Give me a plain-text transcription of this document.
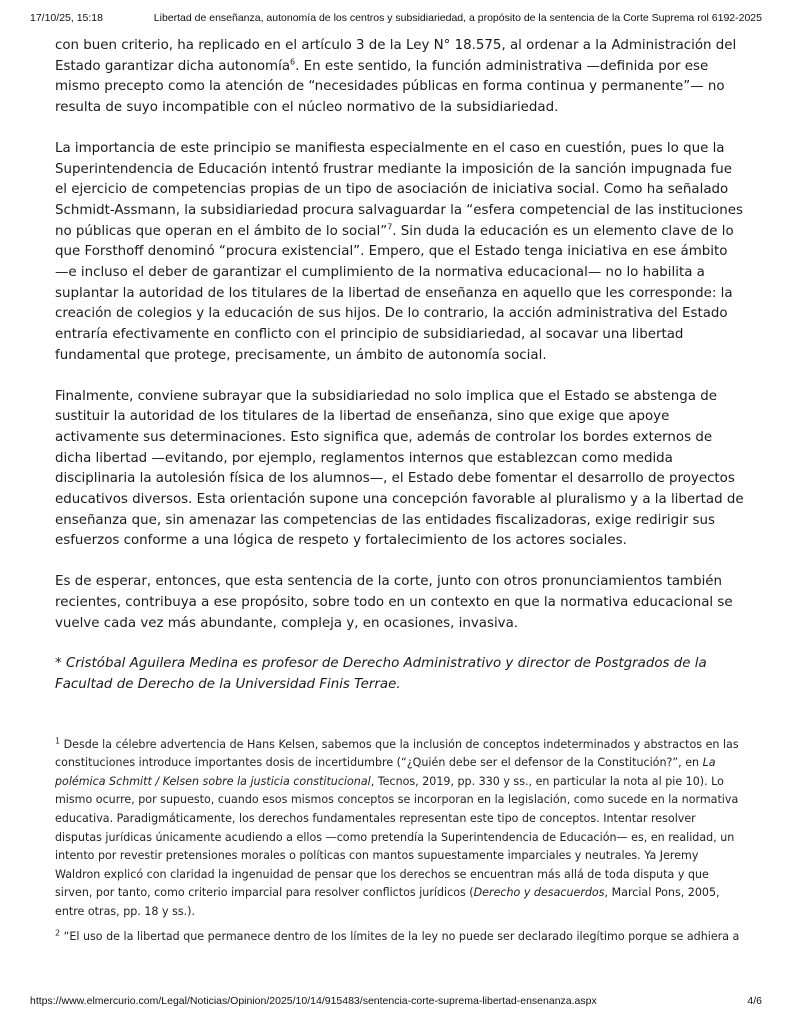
17/10/25, 15:18	Libertad de enseñanza, autonomía de los centros y subsidiariedad, a propósito de la sentencia de la Corte Suprema rol 6192-2025

con buen criterio, ha replicado en el artículo 3 de la Ley N° 18.575, al ordenar a la Administración del Estado garantizar dicha autonomía$^6$. En este sentido, la función administrativa —definida por ese mismo precepto como la atención de “necesidades públicas en forma continua y permanente”— no resulta de suyo incompatible con el núcleo normativo de la subsidiariedad.

La importancia de este principio se manifiesta especialmente en el caso en cuestión, pues lo que la Superintendencia de Educación intentó frustrar mediante la imposición de la sanción impugnada fue el ejercicio de competencias propias de un tipo de asociación de iniciativa social. Como ha señalado Schmidt-Assmann, la subsidiariedad procura salvaguardar la “esfera competencial de las instituciones no públicas que operan en el ámbito de lo social”$^7$. Sin duda la educación es un elemento clave de lo que Forsthoff denominó “procura existencial”. Empero, que el Estado tenga iniciativa en ese ámbito —e incluso el deber de garantizar el cumplimiento de la normativa educacional— no lo habilita a suplantar la autoridad de los titulares de la libertad de enseñanza en aquello que les corresponde: la creación de colegios y la educación de sus hijos. De lo contrario, la acción administrativa del Estado entraría efectivamente en conflicto con el principio de subsidiariedad, al socavar una libertad fundamental que protege, precisamente, un ámbito de autonomía social.

Finalmente, conviene subrayar que la subsidiariedad no solo implica que el Estado se abstenga de sustituir la autoridad de los titulares de la libertad de enseñanza, sino que exige que apoye activamente sus determinaciones. Esto significa que, además de controlar los bordes externos de dicha libertad —evitando, por ejemplo, reglamentos internos que establezcan como medida disciplinaria la autolesión física de los alumnos—, el Estado debe fomentar el desarrollo de proyectos educativos diversos. Esta orientación supone una concepción favorable al pluralismo y a la libertad de enseñanza que, sin amenazar las competencias de las entidades fiscalizadoras, exige redirigir sus esfuerzos conforme a una lógica de respeto y fortalecimiento de los actores sociales.

Es de esperar, entonces, que esta sentencia de la corte, junto con otros pronunciamientos también recientes, contribuya a ese propósito, sobre todo en un contexto en que la normativa educacional se vuelve cada vez más abundante, compleja y, en ocasiones, invasiva.

* Cristóbal Aguilera Medina es profesor de Derecho Administrativo y director de Postgrados de la Facultad de Derecho de la Universidad Finis Terrae.

$^1$ Desde la célebre advertencia de Hans Kelsen, sabemos que la inclusión de conceptos indeterminados y abstractos en las constituciones introduce importantes dosis de incertidumbre (“¿Quién debe ser el defensor de la Constitución?”, en La polémica Schmitt / Kelsen sobre la justicia constitucional, Tecnos, 2019, pp. 330 y ss., en particular la nota al pie 10). Lo mismo ocurre, por supuesto, cuando esos mismos conceptos se incorporan en la legislación, como sucede en la normativa educativa. Paradigmáticamente, los derechos fundamentales representan este tipo de conceptos. Intentar resolver disputas jurídicas únicamente acudiendo a ellos —como pretendía la Superintendencia de Educación— es, en realidad, un intento por revestir pretensiones morales o políticas con mantos supuestamente imparciales y neutrales. Ya Jeremy Waldron explicó con claridad la ingenuidad de pensar que los derechos se encuentran más allá de toda disputa y que sirven, por tanto, como criterio imparcial para resolver conflictos jurídicos (Derecho y desacuerdos, Marcial Pons, 2005, entre otras, pp. 18 y ss.).

$^2$ “El uso de la libertad que permanece dentro de los límites de la ley no puede ser declarado ilegítimo porque se adhiera a

https://www.elmercurio.com/Legal/Noticias/Opinion/2025/10/14/915483/sentencia-corte-suprema-libertad-ensenanza.aspx	4/6
